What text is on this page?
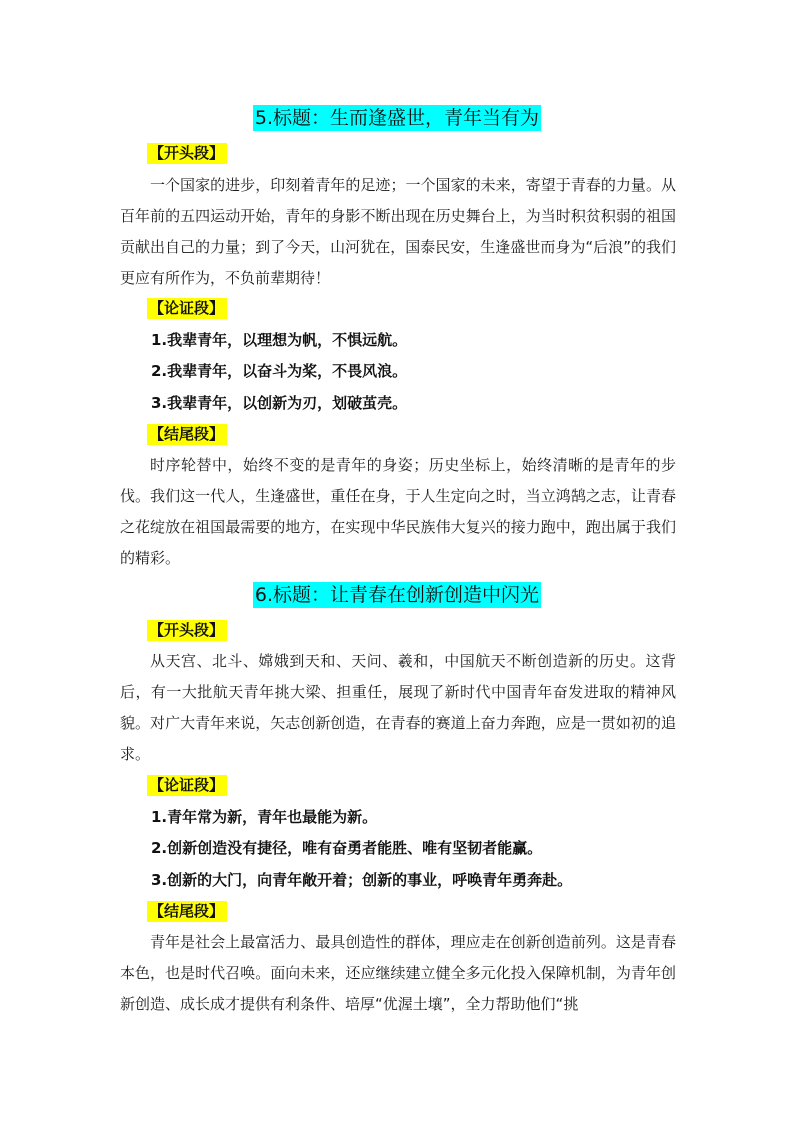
5.标题：生而逢盛世，青年当有为
【开头段】

一个国家的进步，印刻着青年的足迹；一个国家的未来，寄望于青春的力量。从百年前的五四运动开始，青年的身影不断出现在历史舞台上，为当时积贫积弱的祖国贡献出自己的力量；到了今天，山河犹在，国泰民安，生逢盛世而身为“后浪”的我们更应有所作为，不负前辈期待！

【论证段】
1.我辈青年，以理想为帆，不惧远航。
2.我辈青年，以奋斗为桨，不畏风浪。
3.我辈青年，以创新为刃，划破茧壳。
【结尾段】

时序轮替中，始终不变的是青年的身姿；历史坐标上，始终清晰的是青年的步伐。我们这一代人，生逢盛世，重任在身，于人生定向之时，当立鸿鹄之志，让青春之花绽放在祖国最需要的地方，在实现中华民族伟大复兴的接力跑中，跑出属于我们的精彩。

6.标题：让青春在创新创造中闪光
【开头段】

从天宫、北斗、嫦娥到天和、天问、羲和，中国航天不断创造新的历史。这背后，有一大批航天青年挑大梁、担重任，展现了新时代中国青年奋发进取的精神风貌。对广大青年来说，矢志创新创造，在青春的赛道上奋力奔跑，应是一贯如初的追求。

【论证段】
1.青年常为新，青年也最能为新。
2.创新创造没有捷径，唯有奋勇者能胜、唯有坚韧者能赢。
3.创新的大门，向青年敞开着；创新的事业，呼唤青年勇奔赴。
【结尾段】

青年是社会上最富活力、最具创造性的群体，理应走在创新创造前列。这是青春本色，也是时代召唤。面向未来，还应继续建立健全多元化投入保障机制，为青年创新创造、成长成才提供有利条件、培厚“优渥土壤”，全力帮助他们“挑
